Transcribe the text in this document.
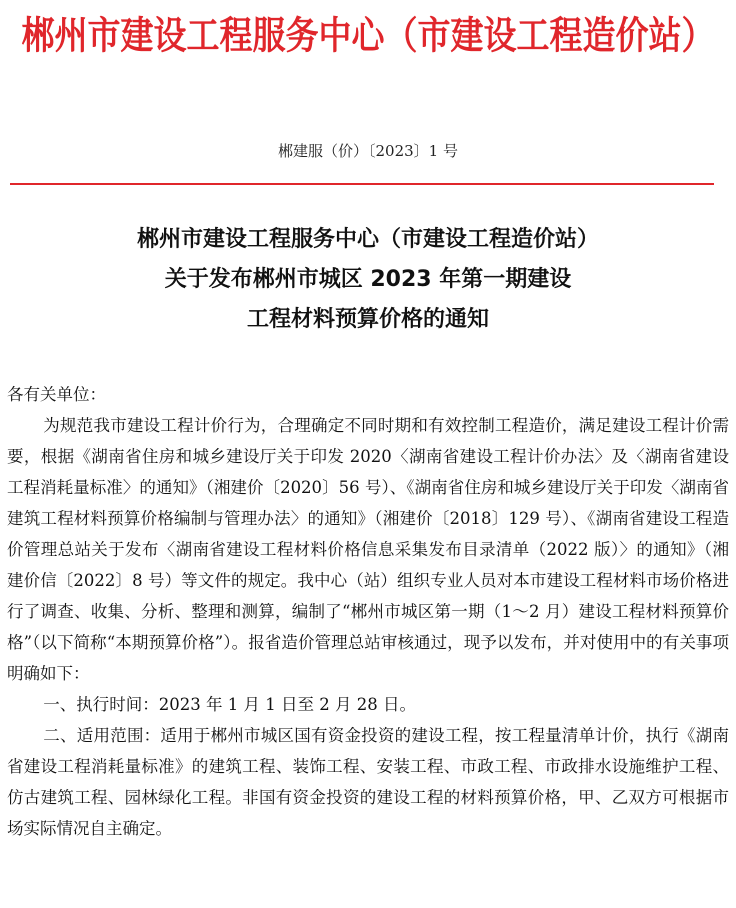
郴州市建设工程服务中心（市建设工程造价站）
郴建服（价）〔2023〕1 号
郴州市建设工程服务中心（市建设工程造价站）
关于发布郴州市城区 2023 年第一期建设
工程材料预算价格的通知

各有关单位：

为规范我市建设工程计价行为，合理确定不同时期和有效控制工程造价，满足建设工程计价需要，根据《湖南省住房和城乡建设厅关于印发 2020〈湖南省建设工程计价办法〉及〈湖南省建设工程消耗量标准〉的通知》（湘建价〔2020〕56 号）、《湖南省住房和城乡建设厅关于印发〈湖南省建筑工程材料预算价格编制与管理办法〉的通知》（湘建价〔2018〕129 号）、《湖南省建设工程造价管理总站关于发布〈湖南省建设工程材料价格信息采集发布目录清单（2022 版）〉的通知》（湘建价信〔2022〕8 号）等文件的规定。我中心（站）组织专业人员对本市建设工程材料市场价格进行了调查、收集、分析、整理和测算，编制了“郴州市城区第一期（1～2 月）建设工程材料预算价格”（以下简称“本期预算价格”）。报省造价管理总站审核通过，现予以发布，并对使用中的有关事项明确如下：

一、执行时间：2023 年 1 月 1 日至 2 月 28 日。

二、适用范围：适用于郴州市城区国有资金投资的建设工程，按工程量清单计价，执行《湖南省建设工程消耗量标准》的建筑工程、装饰工程、安装工程、市政工程、市政排水设施维护工程、仿古建筑工程、园林绿化工程。非国有资金投资的建设工程的材料预算价格，甲、乙双方可根据市场实际情况自主确定。
